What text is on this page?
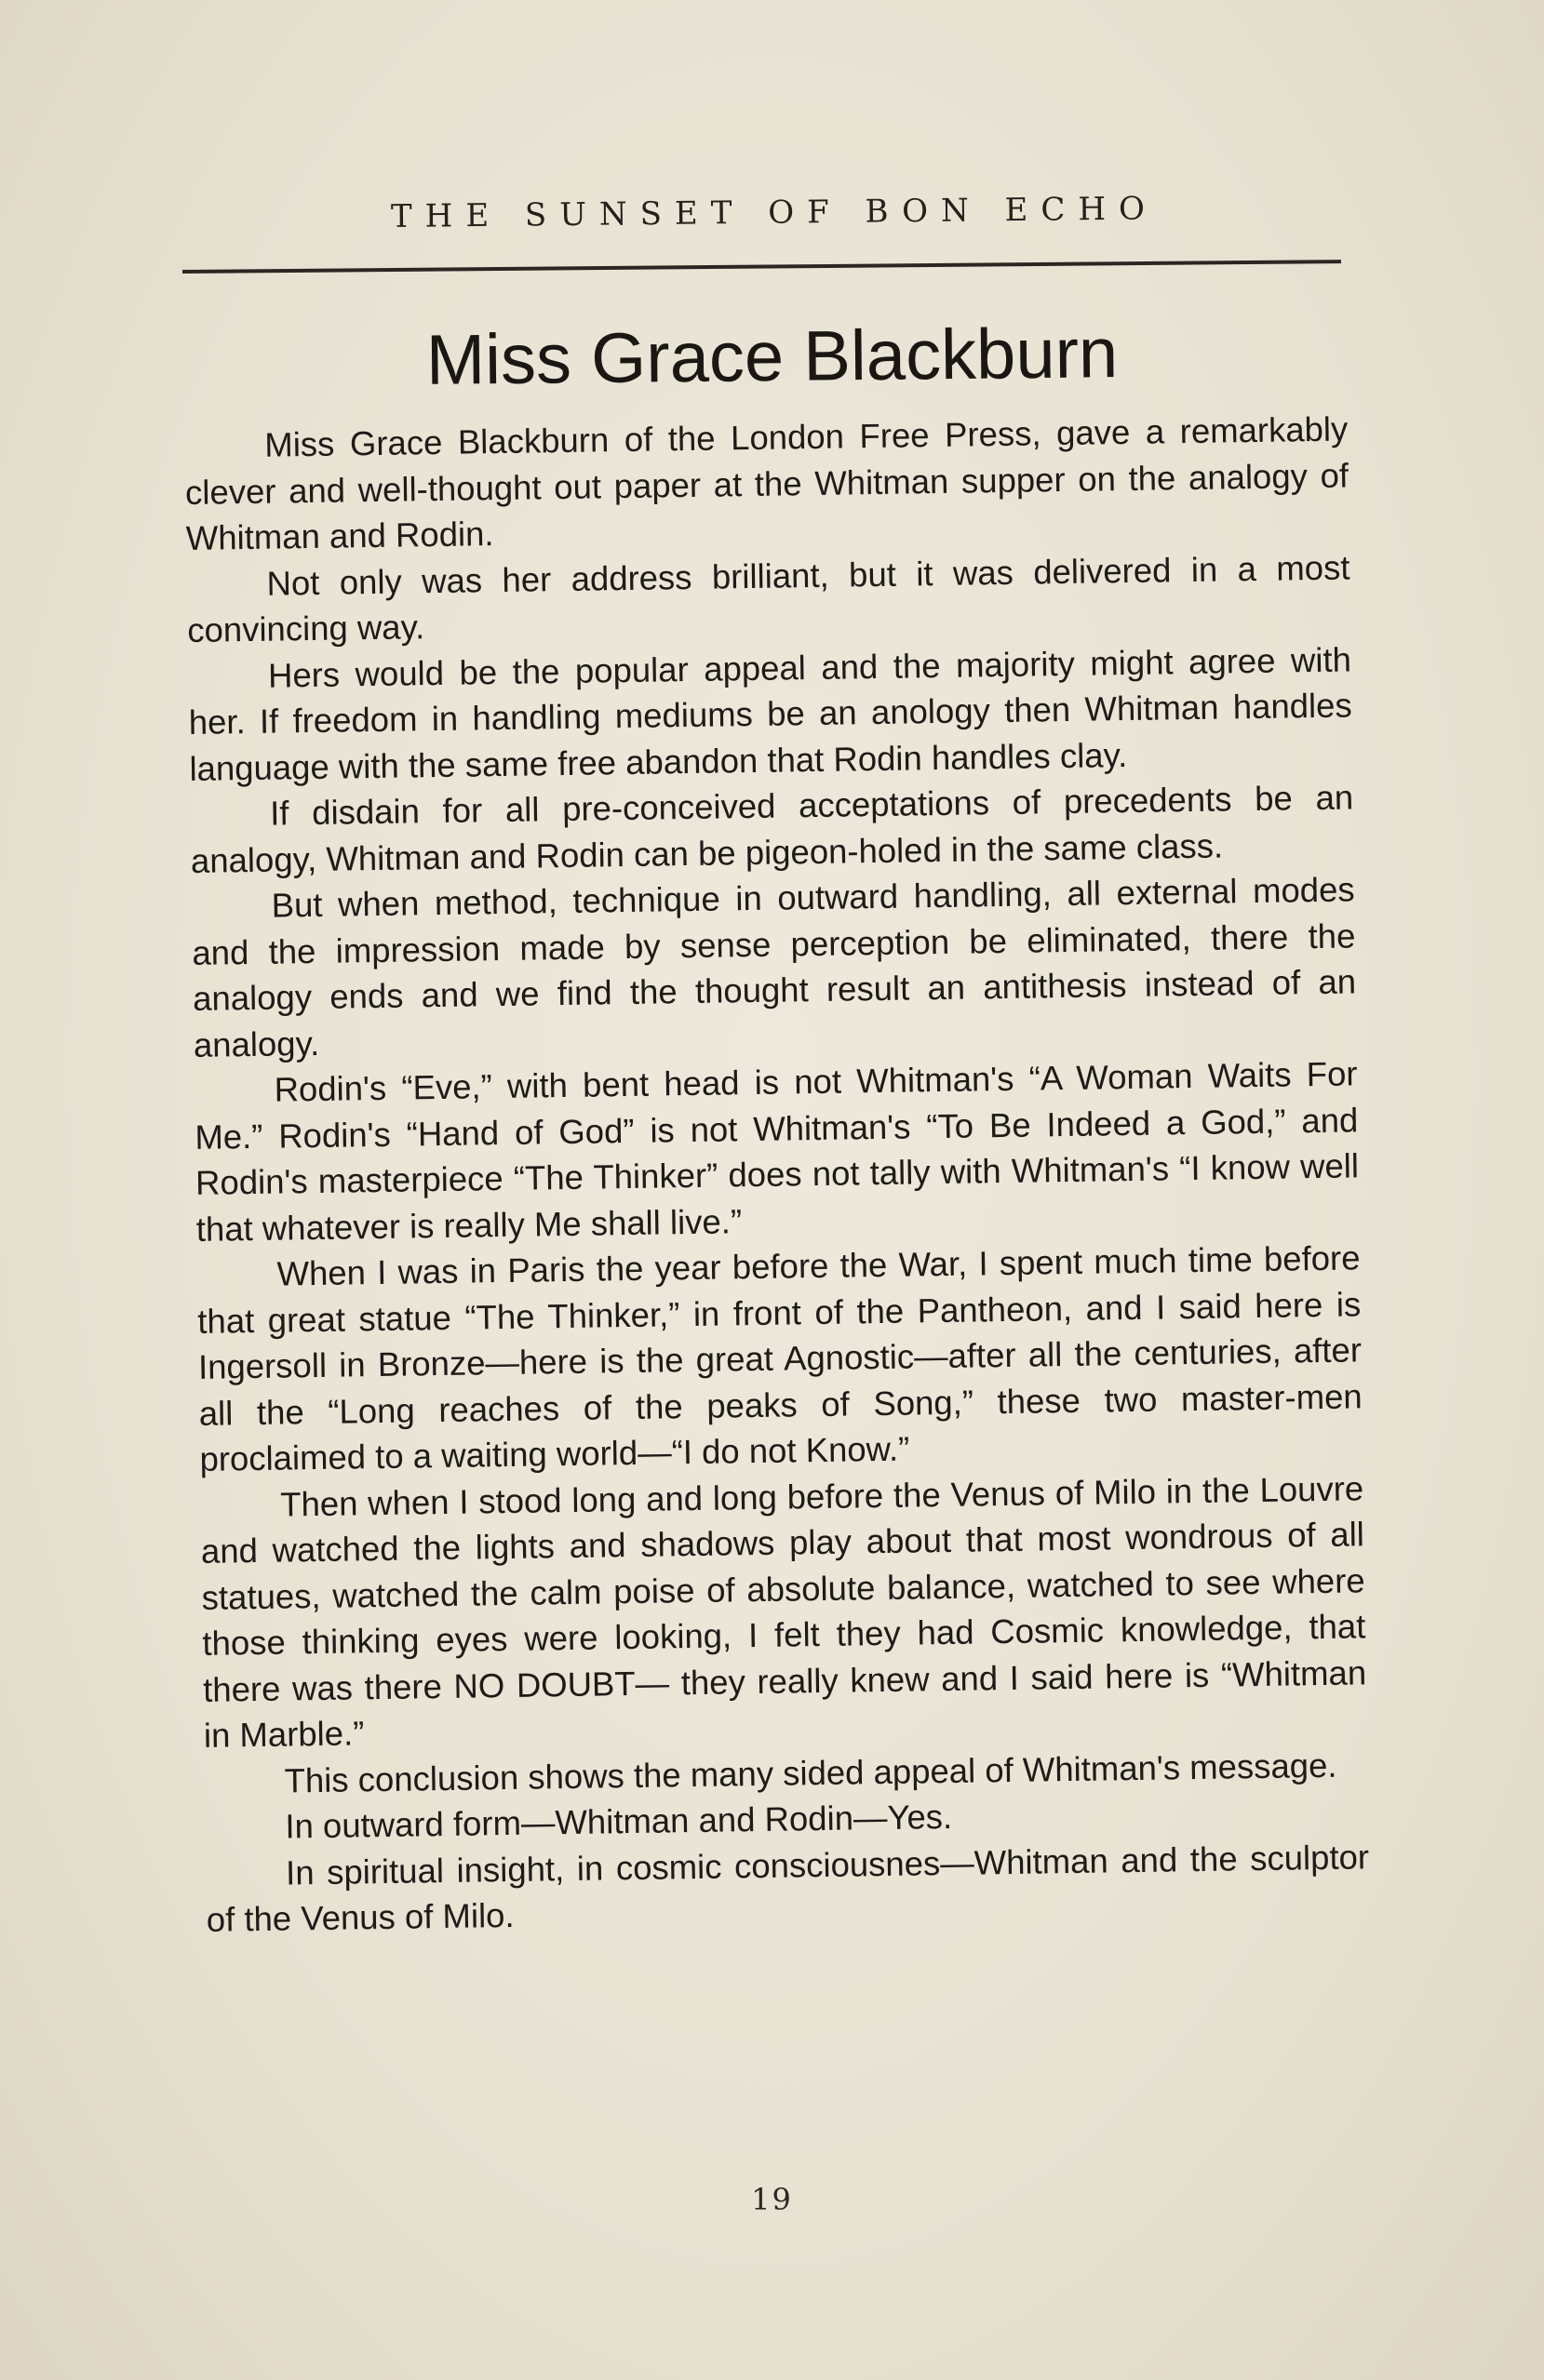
THE SUNSET OF BON ECHO
Miss Grace Blackburn

Miss Grace Blackburn of the London Free Press, gave a remarkably clever and well-thought out paper at the Whitman supper on the analogy of Whitman and Rodin.

Not only was her address brilliant, but it was delivered in a most convincing way.

Hers would be the popular appeal and the majority might agree with her. If freedom in handling mediums be an anology then Whitman handles language with the same free abandon that Rodin handles clay.

If disdain for all pre-conceived acceptations of precedents be an analogy, Whitman and Rodin can be pigeon-holed in the same class.

But when method, technique in outward handling, all external modes and the impression made by sense perception be eliminated, there the analogy ends and we find the thought result an antithesis instead of an analogy.

Rodin's “Eve,” with bent head is not Whitman's “A Woman Waits For Me.” Rodin's “Hand of God” is not Whitman's “To Be Indeed a God,” and Rodin's masterpiece “The Thinker” does not tally with Whitman's “I know well that whatever is really Me shall live.”

When I was in Paris the year before the War, I spent much time before that great statue “The Thinker,” in front of the Pantheon, and I said here is Ingersoll in Bronze—here is the great Agnostic—after all the centuries, after all the “Long reaches of the peaks of Song,” these two master-men proclaimed to a waiting world—“I do not Know.”

Then when I stood long and long before the Venus of Milo in the Louvre and watched the lights and shadows play about that most wondrous of all statues, watched the calm poise of absolute balance, watched to see where those thinking eyes were looking, I felt they had Cosmic knowledge, that there was there NO DOUBT— they really knew and I said here is “Whitman in Marble.”

This conclusion shows the many sided appeal of Whitman's message.

In outward form—Whitman and Rodin—Yes.

In spiritual insight, in cosmic consciousnes—Whitman and the sculptor of the Venus of Milo.

19
